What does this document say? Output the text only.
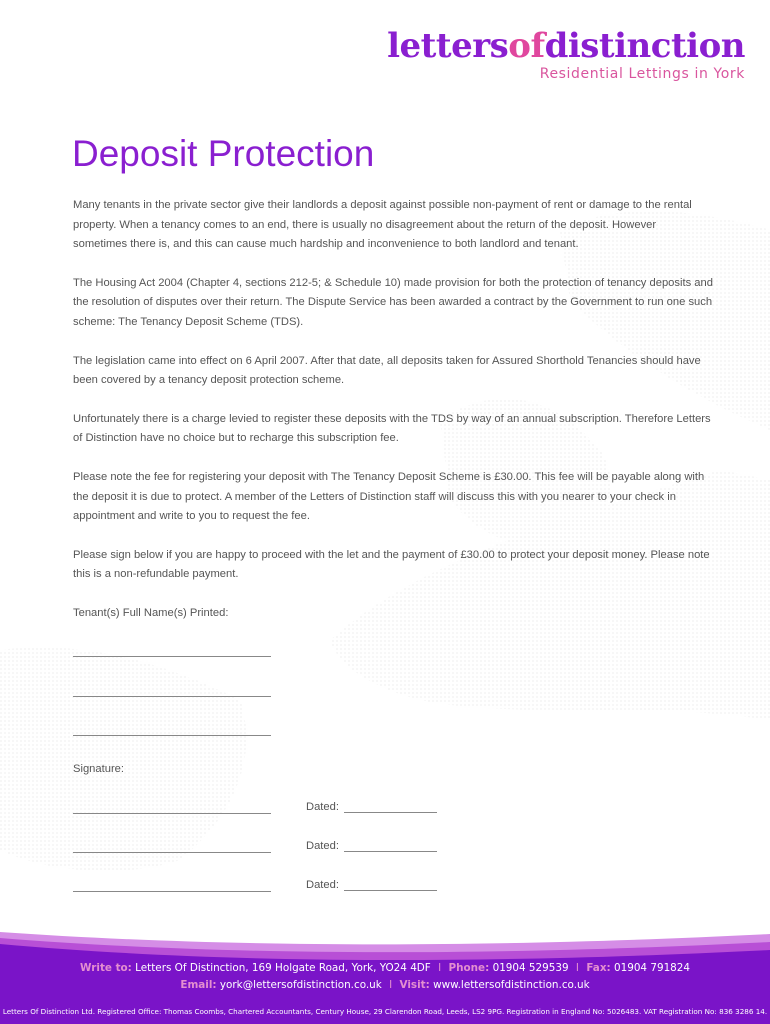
lettersofdistinction
Residential Lettings in York
Deposit Protection

Many tenants in the private sector give their landlords a deposit against possible non-payment of rent or damage to the rental property. When a tenancy comes to an end, there is usually no disagreement about the return of the deposit. However sometimes there is, and this can cause much hardship and inconvenience to both landlord and tenant.

The Housing Act 2004 (Chapter 4, sections 212-5; & Schedule 10) made provision for both the protection of tenancy deposits and the resolution of disputes over their return. The Dispute Service has been awarded a contract by the Government to run one such scheme: The Tenancy Deposit Scheme (TDS).

The legislation came into effect on 6 April 2007. After that date, all deposits taken for Assured Shorthold Tenancies should have been covered by a tenancy deposit protection scheme.

Unfortunately there is a charge levied to register these deposits with the TDS by way of an annual subscription. Therefore Letters of Distinction have no choice but to recharge this subscription fee.

Please note the fee for registering your deposit with The Tenancy Deposit Scheme is £30.00. This fee will be payable along with the deposit it is due to protect. A member of the Letters of Distinction staff will discuss this with you nearer to your check in appointment and write to you to request the fee.

Please sign below if you are happy to proceed with the let and the payment of £30.00 to protect your deposit money. Please note this is a non-refundable payment.

Tenant(s) Full Name(s) Printed:
Signature:
Dated:
Dated:
Dated:
Write to: Letters Of Distinction, 169 Holgate Road, York, YO24 4DF I Phone: 01904 529539 I Fax: 01904 791824
Email: york@lettersofdistinction.co.uk I Visit: www.lettersofdistinction.co.uk
Letters Of Distinction Ltd. Registered Office: Thomas Coombs, Chartered Accountants, Century House, 29 Clarendon Road, Leeds, LS2 9PG. Registration in England No: 5026483. VAT Registration No: 836 3286 14.
